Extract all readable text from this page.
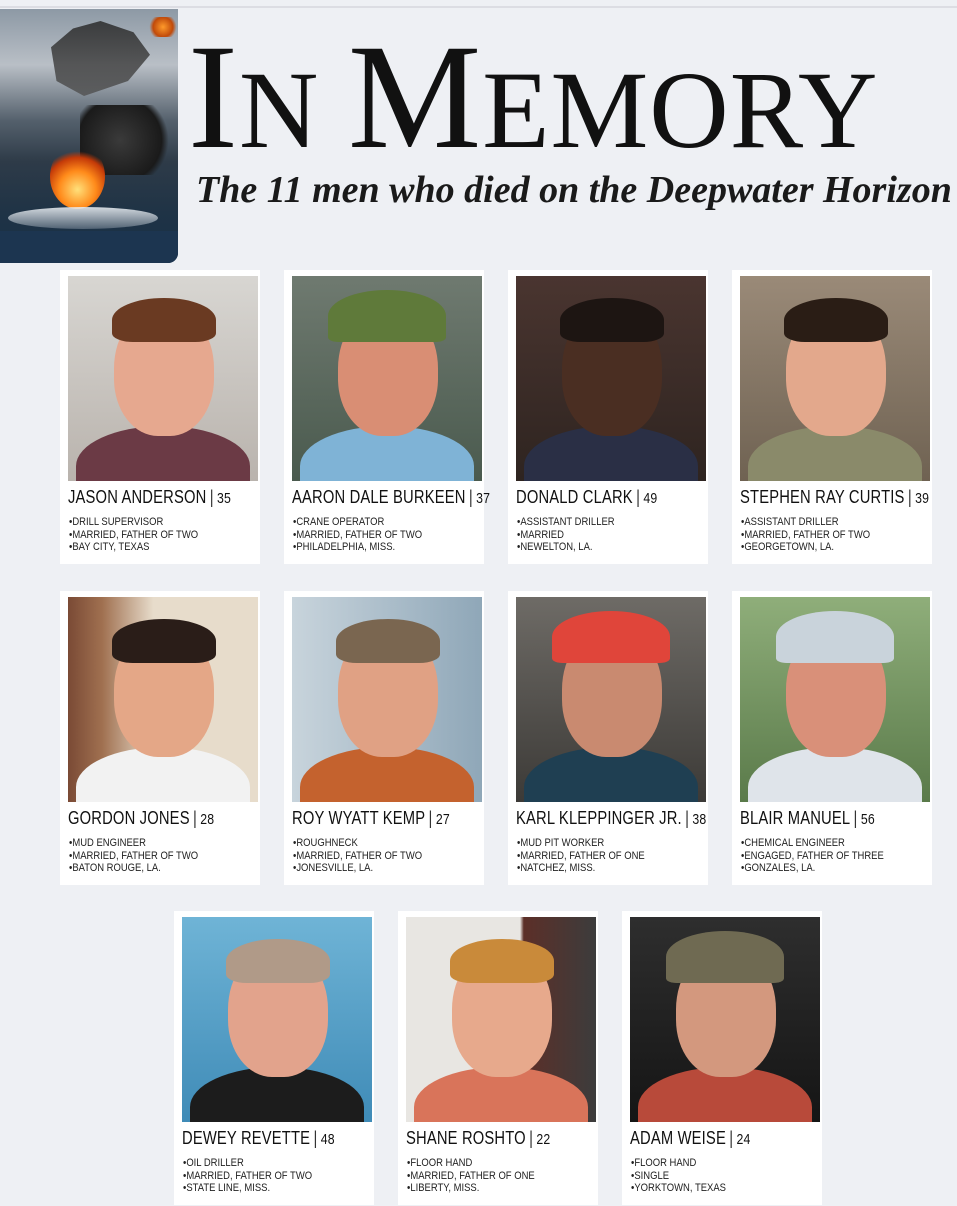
IN MEMORY
The 11 men who died on the Deepwater Horizon
JASON ANDERSON | 35
• DRILL SUPERVISOR
• MARRIED, FATHER OF TWO
• BAY CITY, TEXAS
AARON DALE BURKEEN | 37
• CRANE OPERATOR
• MARRIED, FATHER OF TWO
• PHILADELPHIA, MISS.
DONALD CLARK | 49
• ASSISTANT DRILLER
• MARRIED
• NEWELTON, LA.
STEPHEN RAY CURTIS | 39
• ASSISTANT DRILLER
• MARRIED, FATHER OF TWO
• GEORGETOWN, LA.
GORDON JONES | 28
• MUD ENGINEER
• MARRIED, FATHER OF TWO
• BATON ROUGE, LA.
ROY WYATT KEMP | 27
• ROUGHNECK
• MARRIED, FATHER OF TWO
• JONESVILLE, LA.
KARL KLEPPINGER JR. | 38
• MUD PIT WORKER
• MARRIED, FATHER OF ONE
• NATCHEZ, MISS.
BLAIR MANUEL | 56
• CHEMICAL ENGINEER
• ENGAGED, FATHER OF THREE
• GONZALES, LA.
DEWEY REVETTE | 48
• OIL DRILLER
• MARRIED, FATHER OF TWO
• STATE LINE, MISS.
SHANE ROSHTO | 22
• FLOOR HAND
• MARRIED, FATHER OF ONE
• LIBERTY, MISS.
ADAM WEISE | 24
• FLOOR HAND
• SINGLE
• YORKTOWN, TEXAS
